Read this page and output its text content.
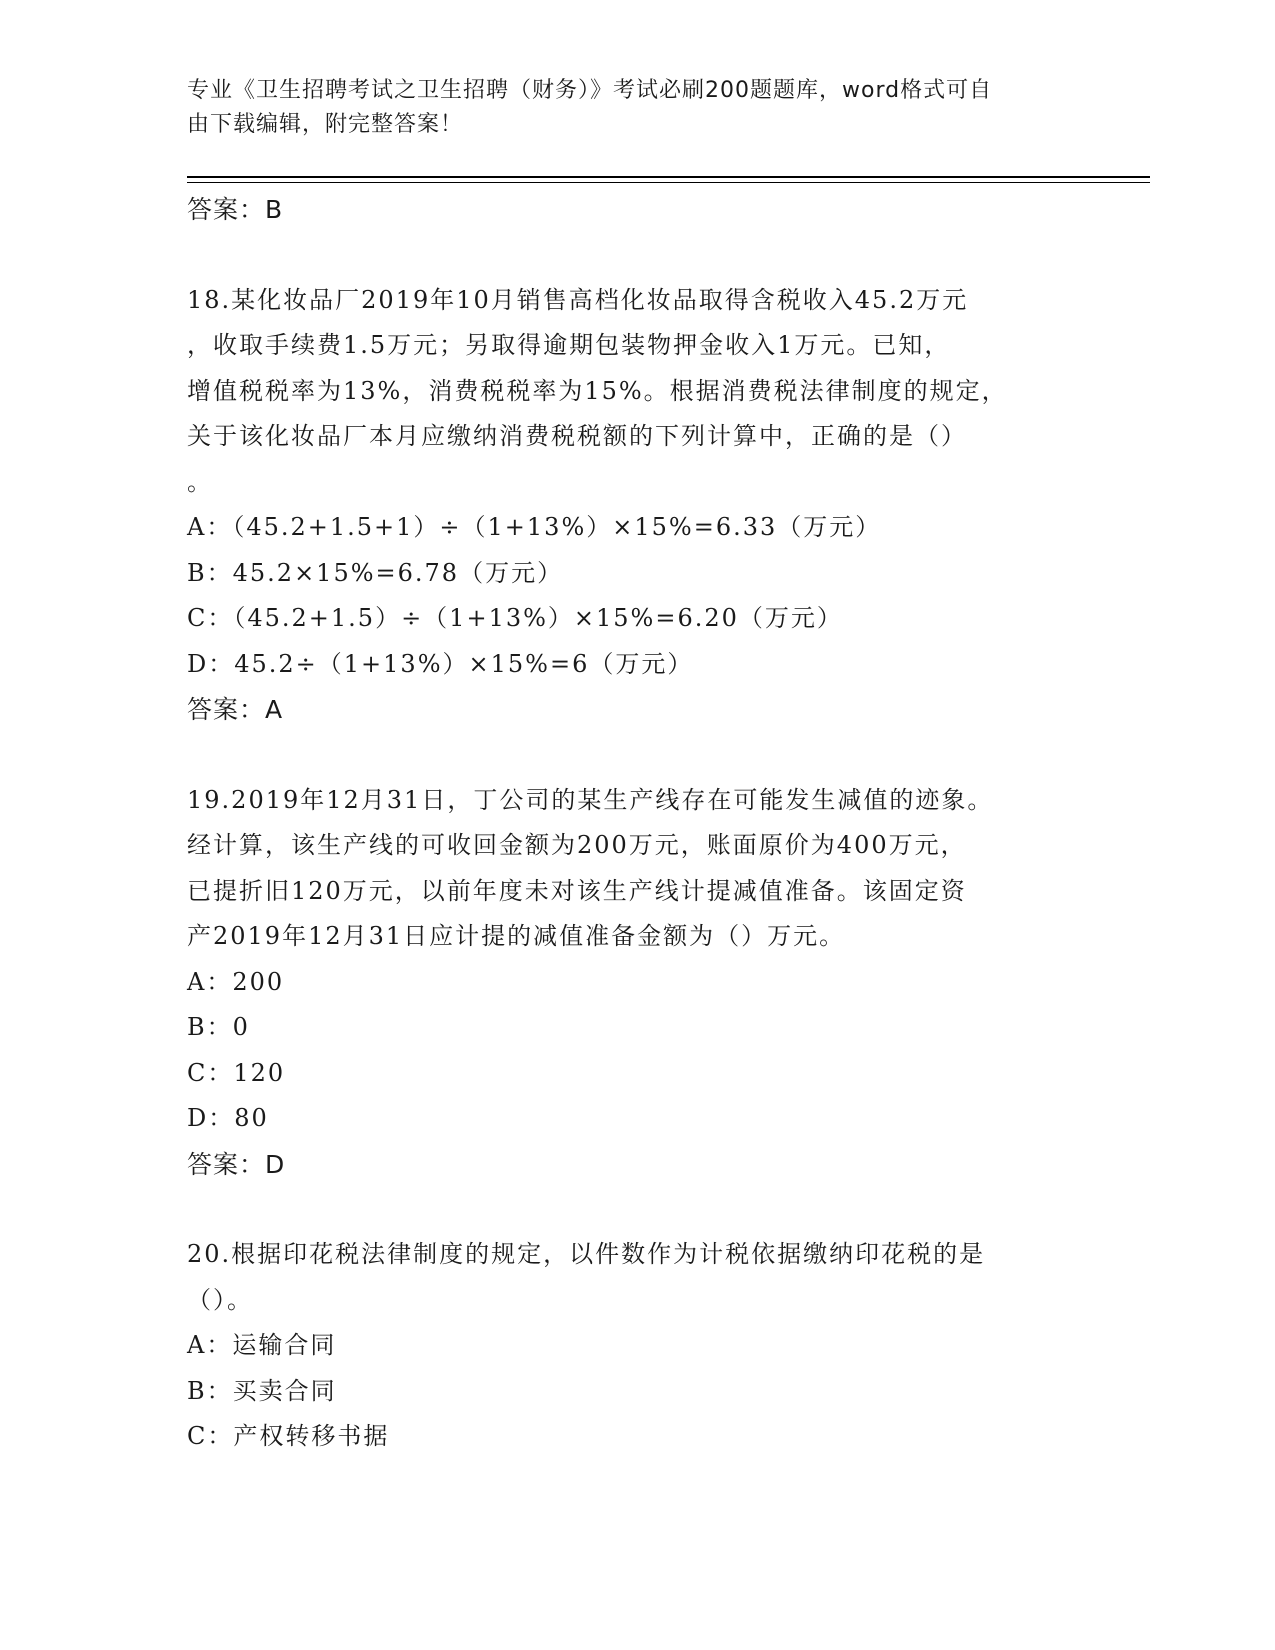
专业《卫生招聘考试之卫生招聘（财务）》考试必刷200题题库，word格式可自
由下载编辑，附完整答案！
答案：B
18.某化妆品厂2019年10月销售高档化妆品取得含税收入45.2万元
，收取手续费1.5万元；另取得逾期包装物押金收入1万元。已知，
增值税税率为13%，消费税税率为15%。根据消费税法律制度的规定，
关于该化妆品厂本月应缴纳消费税税额的下列计算中，正确的是（）
。
A：（45.2+1.5+1）÷（1+13%）×15%=6.33（万元）
B：45.2×15%=6.78（万元）
C：（45.2+1.5）÷（1+13%）×15%=6.20（万元）
D：45.2÷（1+13%）×15%=6（万元）
答案：A
19.2019年12月31日，丁公司的某生产线存在可能发生减值的迹象。
经计算，该生产线的可收回金额为200万元，账面原价为400万元，
已提折旧120万元，以前年度未对该生产线计提减值准备。该固定资
产2019年12月31日应计提的减值准备金额为（）万元。
A：200
B：0
C：120
D：80
答案：D
20.根据印花税法律制度的规定，以件数作为计税依据缴纳印花税的是
（）。
A：运输合同
B：买卖合同
C：产权转移书据
